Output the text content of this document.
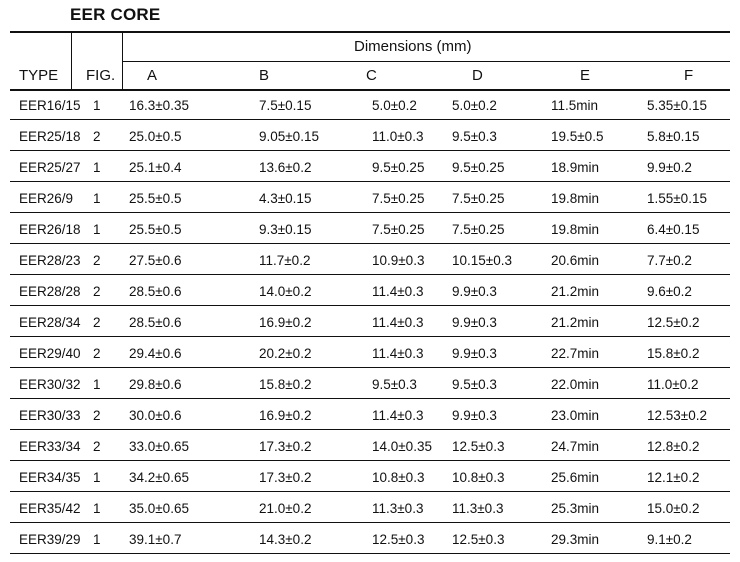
EER CORE
Dimensions (mm)
TYPE FIG. A	B	C	D	E	F
EER16/15 1 16.3±0.35	7.5±0.15	5.0±0.2	5.0±0.2	11.5min	5.35±0.15
EER25/18 2 25.0±0.5	9.05±0.15	11.0±0.3 9.5±0.3	19.5±0.5	5.8±0.15
EER25/27 1 25.1±0.4	13.6±0.2	9.5±0.25 9.5±0.25	18.9min	9.9±0.2
EER26/9 1 25.5±0.5	4.3±0.15	7.5±0.25 7.5±0.25	19.8min	1.55±0.15
EER26/18 1 25.5±0.5	9.3±0.15	7.5±0.25 7.5±0.25	19.8min	6.4±0.15
EER28/23 2 27.5±0.6	11.7±0.2	10.9±0.3 10.15±0.3	20.6min	7.7±0.2
EER28/28 2 28.5±0.6	14.0±0.2	11.4±0.3 9.9±0.3	21.2min	9.6±0.2
EER28/34 2 28.5±0.6	16.9±0.2	11.4±0.3 9.9±0.3	21.2min	12.5±0.2
EER29/40 2 29.4±0.6	20.2±0.2	11.4±0.3 9.9±0.3	22.7min	15.8±0.2
EER30/32 1 29.8±0.6	15.8±0.2	9.5±0.3	9.5±0.3	22.0min	11.0±0.2
EER30/33 2 30.0±0.6	16.9±0.2	11.4±0.3 9.9±0.3	23.0min	12.53±0.2
EER33/34 2 33.0±0.65	17.3±0.2	14.0±0.35 12.5±0.3	24.7min	12.8±0.2
EER34/35 1 34.2±0.65	17.3±0.2	10.8±0.3 10.8±0.3	25.6min	12.1±0.2
EER35/42 1 35.0±0.65	21.0±0.2	11.3±0.3 11.3±0.3	25.3min	15.0±0.2
EER39/29 1 39.1±0.7	14.3±0.2	12.5±0.3 12.5±0.3	29.3min	9.1±0.2
